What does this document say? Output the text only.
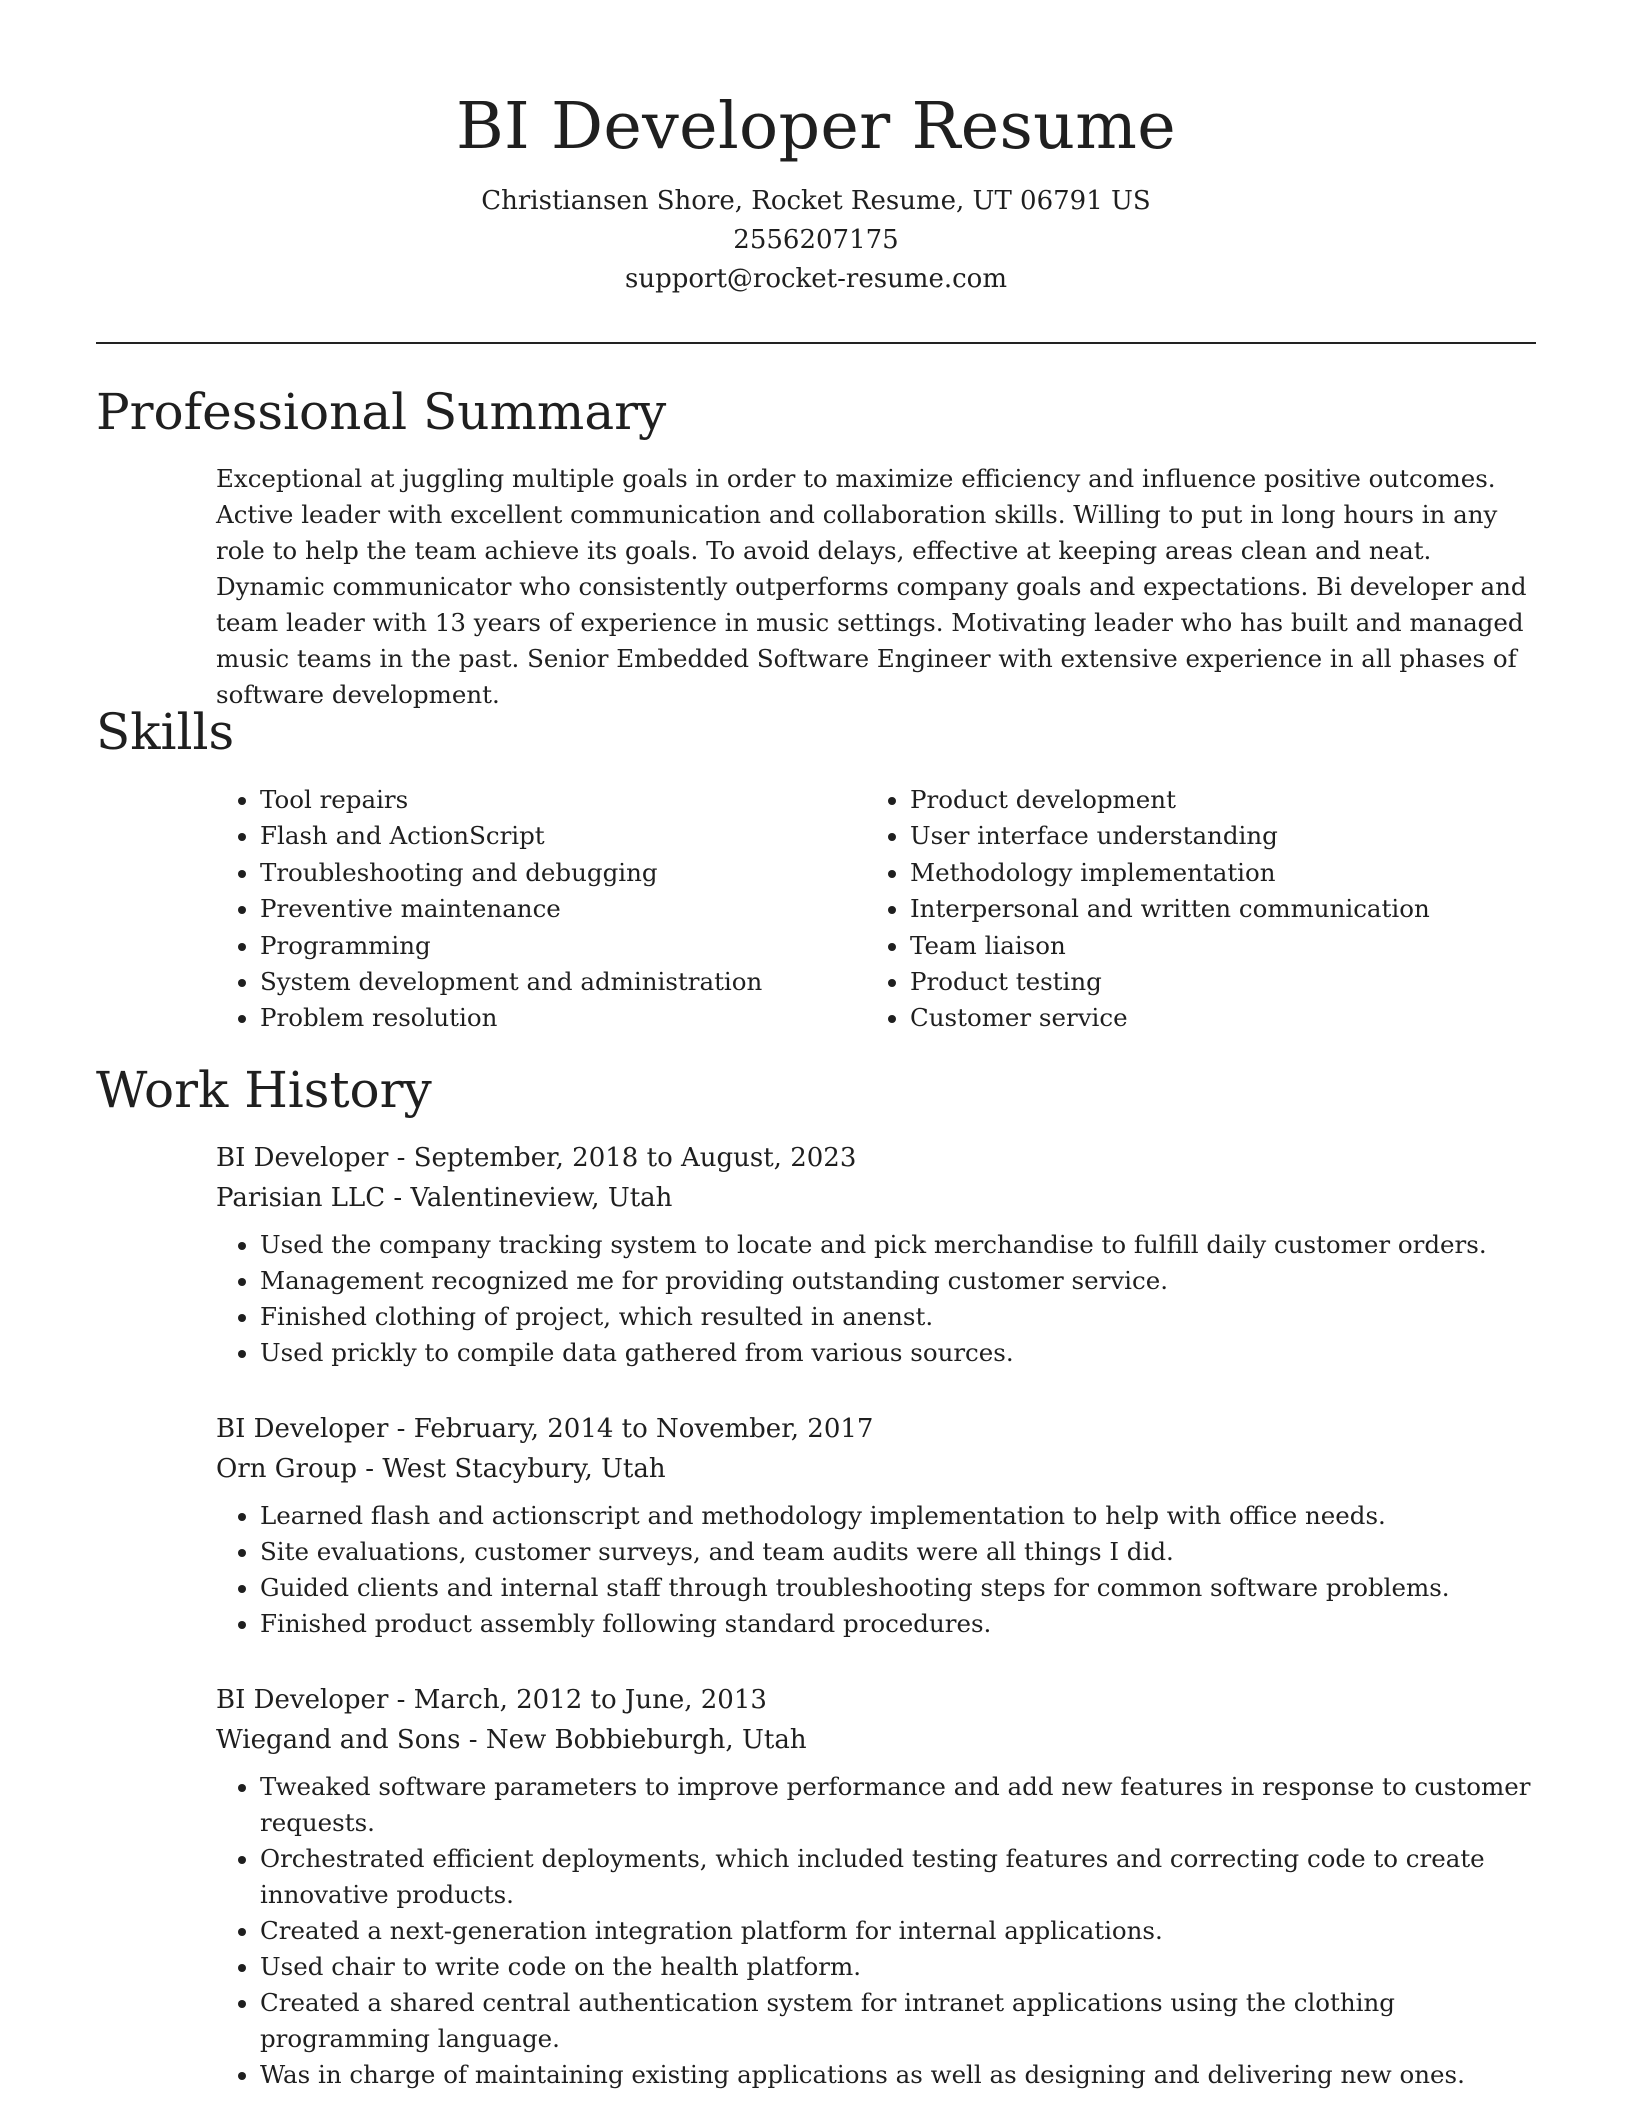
BI Developer Resume
Christiansen Shore, Rocket Resume, UT 06791 US
2556207175
support@rocket-resume.com
Professional Summary

Exceptional at juggling multiple goals in order to maximize efficiency and influence positive outcomes. Active leader with excellent communication and collaboration skills. Willing to put in long hours in any role to help the team achieve its goals. To avoid delays, effective at keeping areas clean and neat. Dynamic communicator who consistently outperforms company goals and expectations. Bi developer and team leader with 13 years of experience in music settings. Motivating leader who has built and managed music teams in the past. Senior Embedded Software Engineer with extensive experience in all phases of software development.

Skills
• Tool repairs
• Flash and ActionScript
• Troubleshooting and debugging
• Preventive maintenance
• Programming
• System development and administration
• Problem resolution
• Product development
• User interface understanding
• Methodology implementation
• Interpersonal and written communication
• Team liaison
• Product testing
• Customer service
Work History
BI Developer - September, 2018 to August, 2023
Parisian LLC - Valentineview, Utah
• Used the company tracking system to locate and pick merchandise to fulfill daily customer orders.
• Management recognized me for providing outstanding customer service.
• Finished clothing of project, which resulted in anenst.
• Used prickly to compile data gathered from various sources.
BI Developer - February, 2014 to November, 2017
Orn Group - West Stacybury, Utah
• Learned flash and actionscript and methodology implementation to help with office needs.
• Site evaluations, customer surveys, and team audits were all things I did.
• Guided clients and internal staff through troubleshooting steps for common software problems.
• Finished product assembly following standard procedures.
BI Developer - March, 2012 to June, 2013
Wiegand and Sons - New Bobbieburgh, Utah
• Tweaked software parameters to improve performance and add new features in response to customer requests.
• Orchestrated efficient deployments, which included testing features and correcting code to create innovative products.
• Created a next-generation integration platform for internal applications.
• Used chair to write code on the health platform.
• Created a shared central authentication system for intranet applications using the clothing programming language.
• Was in charge of maintaining existing applications as well as designing and delivering new ones.
